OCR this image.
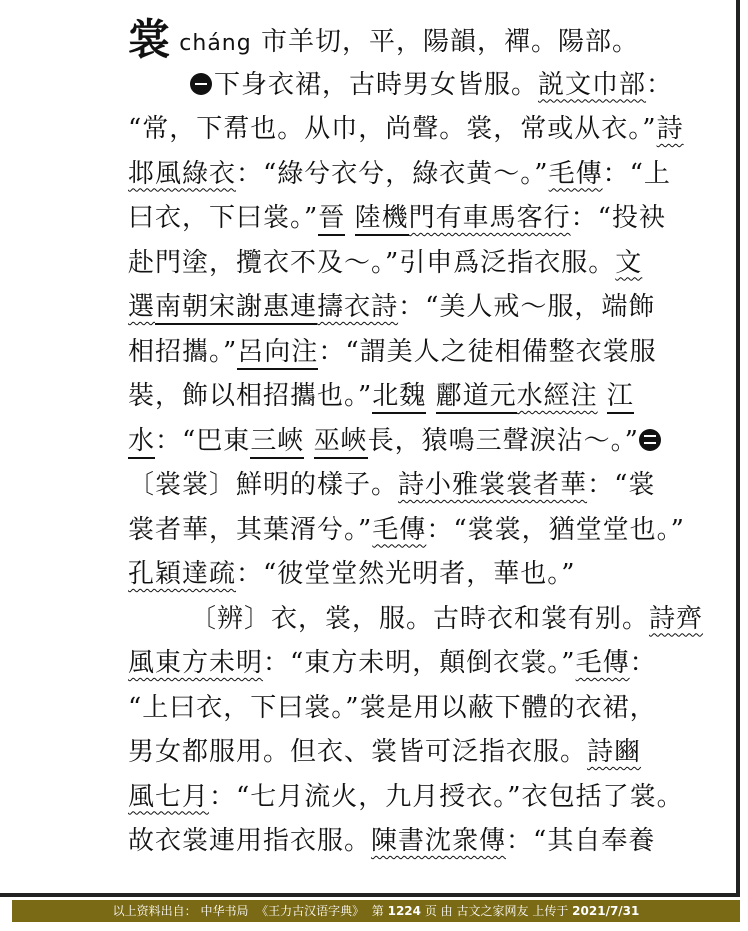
裳 cháng 市羊切，平，陽韻，禪。陽部。
下身衣裙，古時男女皆服。説文巾部：
“常，下帬也。从巾，尚聲。裳，常或从衣。”詩
邶風綠衣：“綠兮衣兮，綠衣黄～。”毛傳：“上
曰衣，下曰裳。”晉 陸機門有車馬客行：“投袂
赴門塗，攬衣不及～。”引申爲泛指衣服。文
選南朝宋謝惠連擣衣詩：“美人戒～服，端飾
相招攜。”呂向注：“謂美人之徒相備整衣裳服
裝，飾以相招攜也。”北魏 酈道元水經注 江
水：“巴東三峽 巫峽長，猿鳴三聲淚沾～。”
〔裳裳〕鮮明的樣子。詩小雅裳裳者華：“裳
裳者華，其葉湑兮。”毛傳：“裳裳，猶堂堂也。”
孔穎達疏：“彼堂堂然光明者，華也。”
〔辨〕衣，裳，服。古時衣和裳有别。詩齊
風東方未明：“東方未明，顛倒衣裳。”毛傳：
“上曰衣，下曰裳。”裳是用以蔽下體的衣裙，
男女都服用。但衣、裳皆可泛指衣服。詩豳
風七月：“七月流火，九月授衣。”衣包括了裳。
故衣裳連用指衣服。陳書沈衆傳：“其自奉養
以上资料出自： 中华书局 《王力古汉语字典》 第 1224 页 由 古文之家网友 上传于 2021/7/31
